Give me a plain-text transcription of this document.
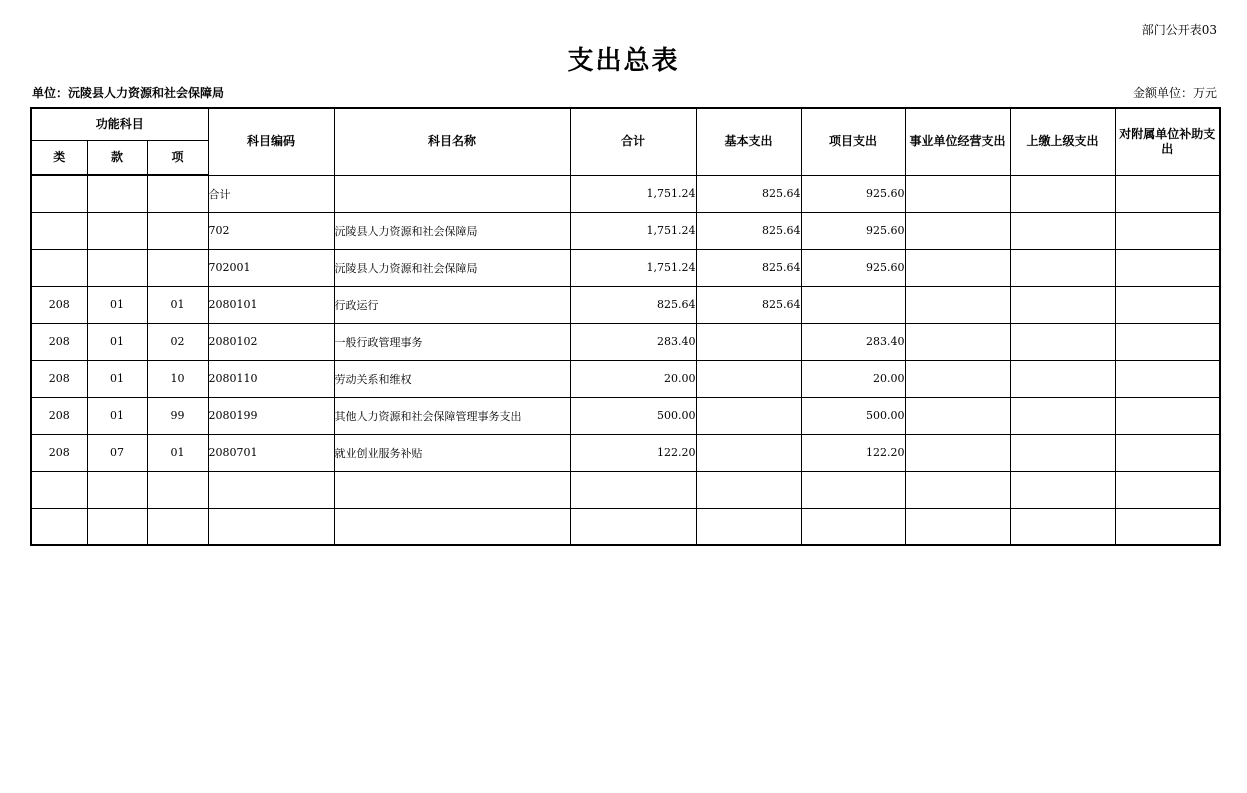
部门公开表03
支出总表
单位：沅陵县人力资源和社会保障局	金额单位：万元
功能科目			科目编码	科目名称	合计	基本支出	项目支出	事业单位经营支出	上缴上级支出	对附属单位补助支出
类	款	项								
			合计		1,751.24	825.64	925.60			
			702	沅陵县人力资源和社会保障局	1,751.24	825.64	925.60			
			702001	沅陵县人力资源和社会保障局	1,751.24	825.64	925.60			
208	01	01	2080101	行政运行	825.64	825.64				
208	01	02	2080102	一般行政管理事务	283.40		283.40			
208	01	10	2080110	劳动关系和维权	20.00		20.00			
208	01	99	2080199	其他人力资源和社会保障管理事务支出	500.00		500.00			
208	07	01	2080701	就业创业服务补贴	122.20		122.20			
